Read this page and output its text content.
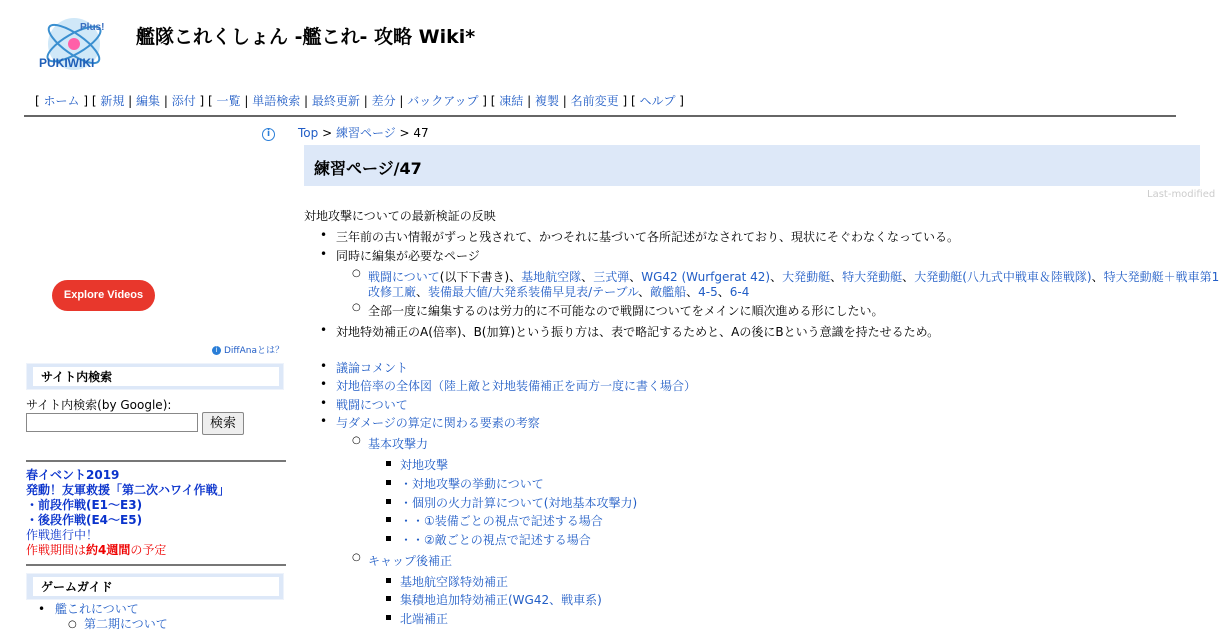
Plus!
PUKIWIKI
艦隊これくしょん -艦これ- 攻略 Wiki*
[ ホーム ] [ 新規 | 編集 | 添付 ] [ 一覧 | 単語検索 | 最終更新 | 差分 | バックアップ ] [ 凍結 | 複製 | 名前変更 ] [ ヘルプ ]
i
Explore Videos
i DiffAnaとは？
サイト内検索
サイト内検索(by Google):
検索
春イベント2019
発動！友軍救援「第二次ハワイ作戦」
・前段作戦(E1～E3)
・後段作戦(E4～E5)
作戦進行中！
作戦期間は約4週間の予定
ゲームガイド
• 艦これについて
○ 第二期について
Top > 練習ページ > 47
練習ページ/47
Last-modified
対地攻撃についての最新検証の反映
• 三年前の古い情報がずっと残されて、かつそれに基づいて各所記述がなされており、現状にそぐわなくなっている。
• 同時に編集が必要なページ
○ 戦闘について(以下下書き)、基地航空隊、三式弾、WG42 (Wurfgerat 42)、大発動艇、特大発動艇、大発動艇(八九式中戦車＆陸戦隊)、特大発動艇＋戦車第1
改修工廠、装備最大値/大発系装備早見表/テーブル、敵艦船、4-5、6-4
○ 全部一度に編集するのは労力的に不可能なので戦闘についてをメインに順次進める形にしたい。
• 対地特効補正のA(倍率)、B(加算)という振り方は、表で略記するためと、Aの後にBという意識を持たせるため。
• 議論コメント
• 対地倍率の全体図（陸上敵と対地装備補正を両方一度に書く場合）
• 戦闘について
• 与ダメージの算定に関わる要素の考察
○ 基本攻撃力
対地攻撃
・対地攻撃の挙動について
・個別の火力計算について(対地基本攻撃力)
・・①装備ごとの視点で記述する場合
・・②敵ごとの視点で記述する場合
○ キャップ後補正
基地航空隊特効補正
集積地追加特効補正(WG42、戦車系)
北端補正
